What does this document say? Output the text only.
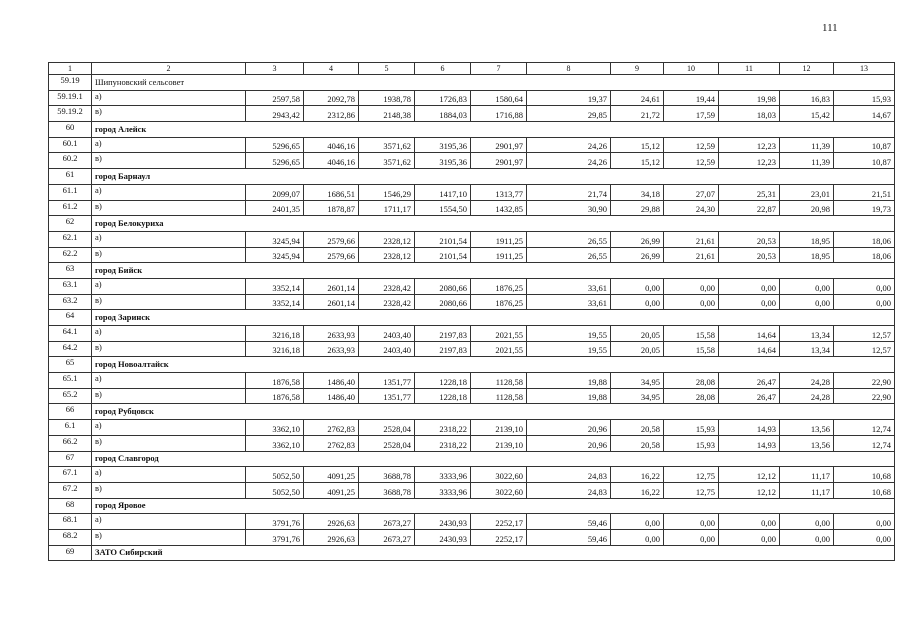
111
1	2	3	4	5	6	7	8	9	10	11	12	13
59.19	Шипуновский сельсовет											
59.19.1	а)	2597,58	2092,78	1938,78	1726,83	1580,64	19,37	24,61	19,44	19,98	16,83	15,93
59.19.2	в)	2943,42	2312,86	2148,38	1884,03	1716,88	29,85	21,72	17,59	18,03	15,42	14,67
60	город Алейск											
60.1	а)	5296,65	4046,16	3571,62	3195,36	2901,97	24,26	15,12	12,59	12,23	11,39	10,87
60.2	в)	5296,65	4046,16	3571,62	3195,36	2901,97	24,26	15,12	12,59	12,23	11,39	10,87
61	город Барнаул											
61.1	а)	2099,07	1686,51	1546,29	1417,10	1313,77	21,74	34,18	27,07	25,31	23,01	21,51
61.2	в)	2401,35	1878,87	1711,17	1554,50	1432,85	30,90	29,88	24,30	22,87	20,98	19,73
62	город Белокуриха											
62.1	а)	3245,94	2579,66	2328,12	2101,54	1911,25	26,55	26,99	21,61	20,53	18,95	18,06
62.2	в)	3245,94	2579,66	2328,12	2101,54	1911,25	26,55	26,99	21,61	20,53	18,95	18,06
63	город Бийск											
63.1	а)	3352,14	2601,14	2328,42	2080,66	1876,25	33,61	0,00	0,00	0,00	0,00	0,00
63.2	в)	3352,14	2601,14	2328,42	2080,66	1876,25	33,61	0,00	0,00	0,00	0,00	0,00
64	город Заринск											
64.1	а)	3216,18	2633,93	2403,40	2197,83	2021,55	19,55	20,05	15,58	14,64	13,34	12,57
64.2	в)	3216,18	2633,93	2403,40	2197,83	2021,55	19,55	20,05	15,58	14,64	13,34	12,57
65	город Новоалтайск											
65.1	а)	1876,58	1486,40	1351,77	1228,18	1128,58	19,88	34,95	28,08	26,47	24,28	22,90
65.2	в)	1876,58	1486,40	1351,77	1228,18	1128,58	19,88	34,95	28,08	26,47	24,28	22,90
66	город Рубцовск											
6.1	а)	3362,10	2762,83	2528,04	2318,22	2139,10	20,96	20,58	15,93	14,93	13,56	12,74
66.2	в)	3362,10	2762,83	2528,04	2318,22	2139,10	20,96	20,58	15,93	14,93	13,56	12,74
67	город Славгород											
67.1	а)	5052,50	4091,25	3688,78	3333,96	3022,60	24,83	16,22	12,75	12,12	11,17	10,68
67.2	в)	5052,50	4091,25	3688,78	3333,96	3022,60	24,83	16,22	12,75	12,12	11,17	10,68
68	город Яровое											
68.1	а)	3791,76	2926,63	2673,27	2430,93	2252,17	59,46	0,00	0,00	0,00	0,00	0,00
68.2	в)	3791,76	2926,63	2673,27	2430,93	2252,17	59,46	0,00	0,00	0,00	0,00	0,00
69	ЗАТО Сибирский											
